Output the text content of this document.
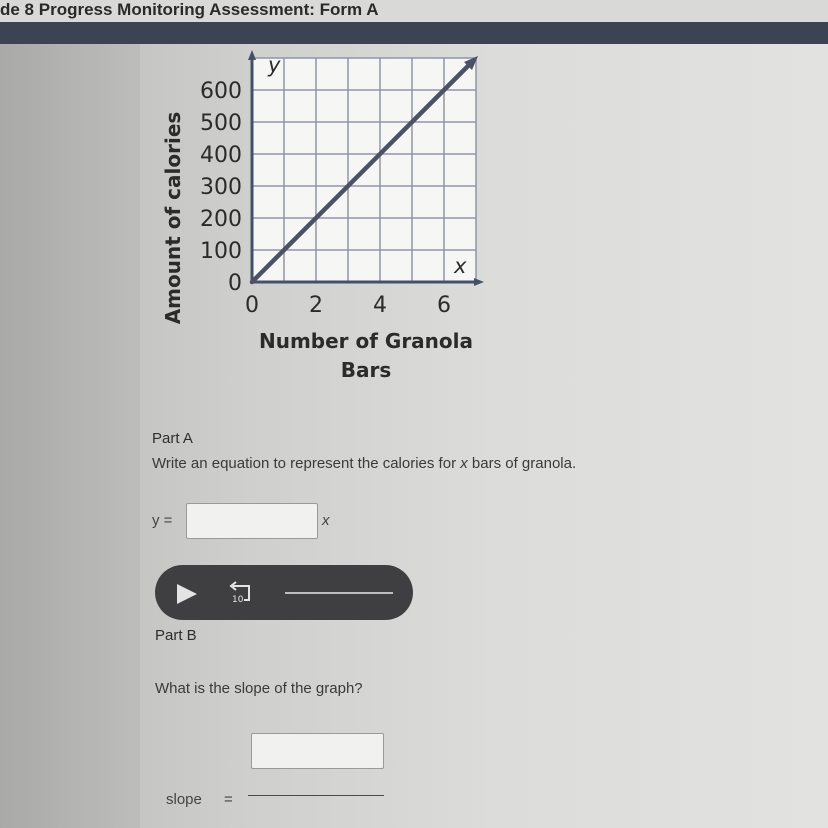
de 8 Progress Monitoring Assessment: Form A
0
100
200
300
400
500
600
0 2 4 6
Amount of calories
y
x
Number of Granola
Bars
Part A
Write an equation to represent the calories for x bars of granola.
y =	x
10
Part B
What is the slope of the graph?
slope =
